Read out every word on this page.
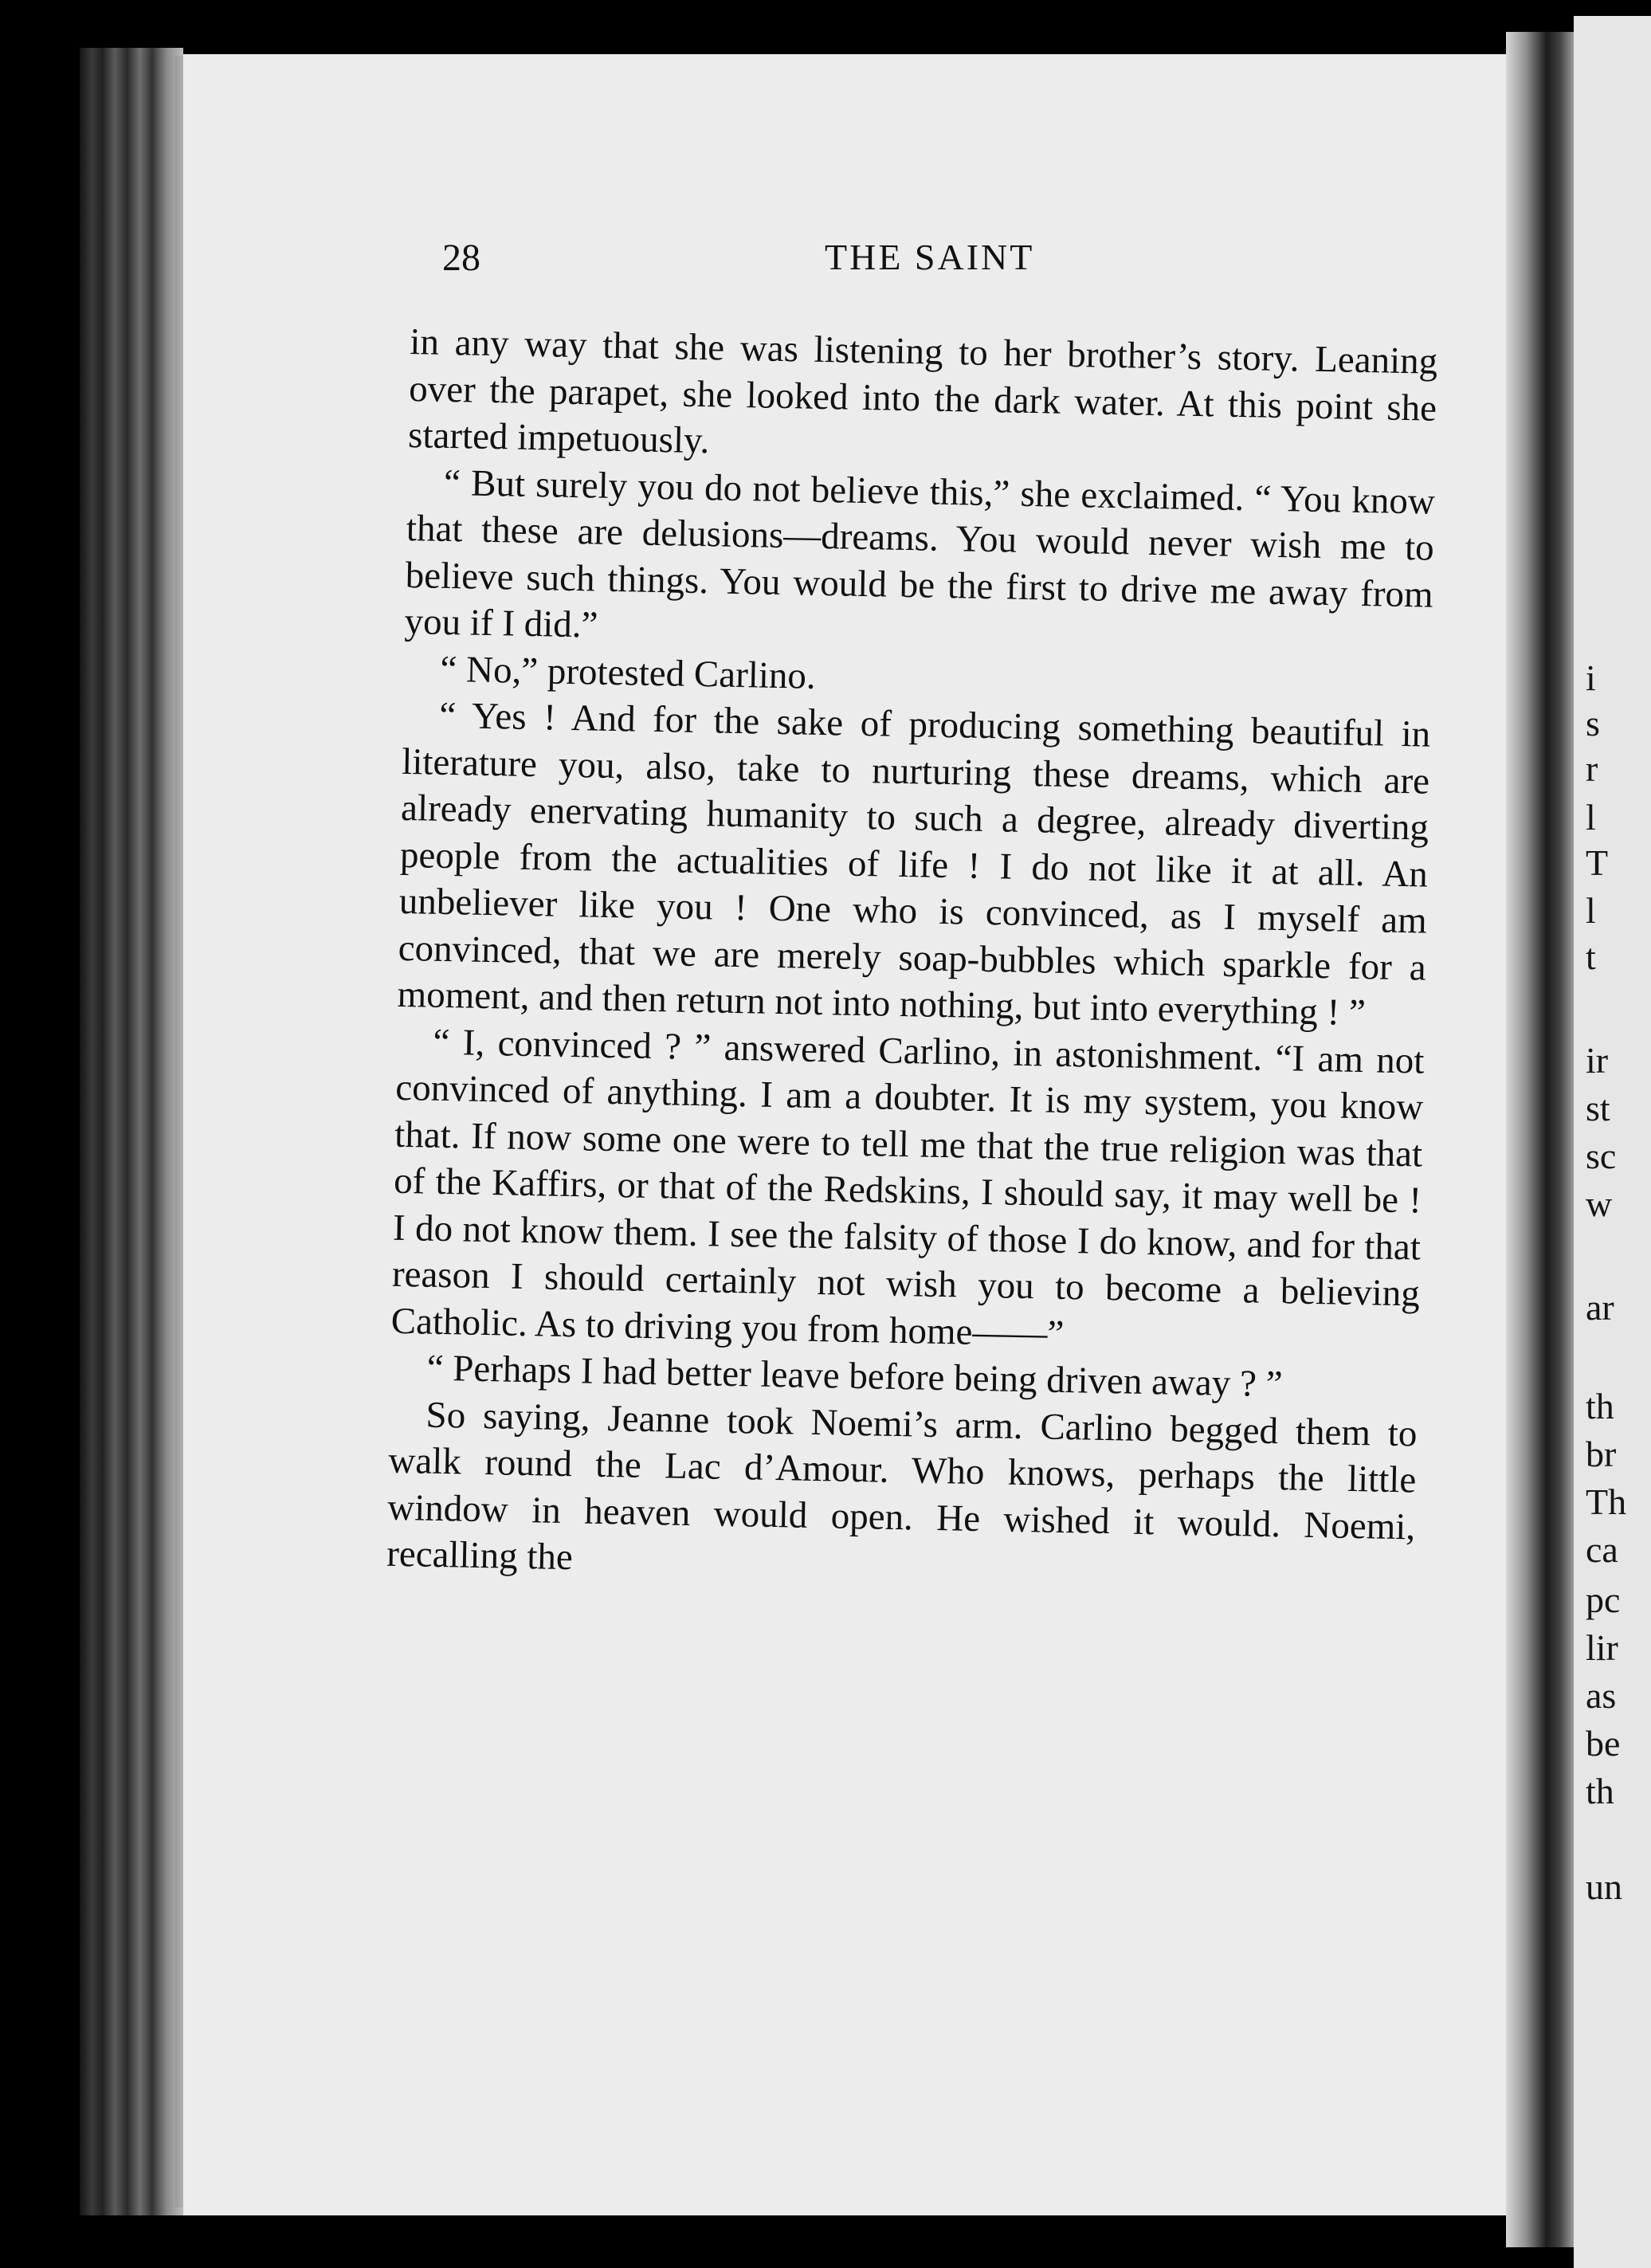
i
s
r
l
T
l
t
ir
st
sc
w
ar
th
br
Th
ca
pc
lir
as
be
th
un
28	THE SAINT

in any way that she was listening to her brother’s story. Leaning over the parapet, she looked into the dark water. At this point she started impetuously.

“ But surely you do not believe this,” she exclaimed. “ You know that these are delusions—dreams. You would never wish me to believe such things. You would be the first to drive me away from you if I did.”

“ No,” protested Carlino.

“ Yes ! And for the sake of producing something beautiful in literature you, also, take to nurturing these dreams, which are already enervating humanity to such a degree, already diverting people from the actualities of life ! I do not like it at all. An unbeliever like you ! One who is convinced, as I myself am convinced, that we are merely soap-bubbles which sparkle for a moment, and then return not into nothing, but into everything ! ”

“ I, convinced ? ” answered Carlino, in astonishment. “I am not convinced of anything. I am a doubter. It is my system, you know that. If now some one were to tell me that the true religion was that of the Kaffirs, or that of the Redskins, I should say, it may well be ! I do not know them. I see the falsity of those I do know, and for that reason I should certainly not wish you to become a believing Catholic. As to driving you from home——”

“ Perhaps I had better leave before being driven away ? ”

So saying, Jeanne took Noemi’s arm. Carlino begged them to walk round the Lac d’Amour. Who knows, perhaps the little window in heaven would open. He wished it would. Noemi, recalling the
